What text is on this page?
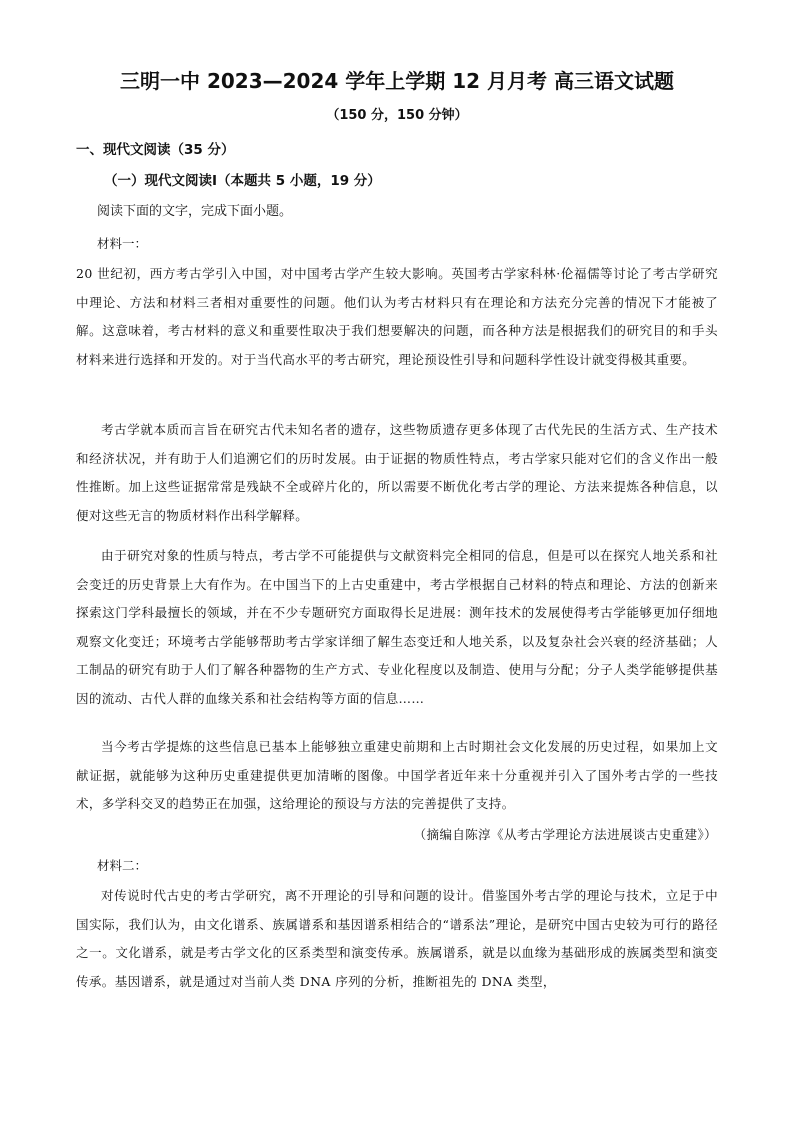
三明一中 2023—2024 学年上学期 12 月月考 高三语文试题
（150 分，150 分钟）
一、现代文阅读（35 分）
（一）现代文阅读Ⅰ（本题共 5 小题，19 分）
阅读下面的文字，完成下面小题。
材料一：
20 世纪初，西方考古学引入中国，对中国考古学产生较大影响。英国考古学家科林·伦福儒等讨论了考古学研究中理论、方法和材料三者相对重要性的问题。他们认为考古材料只有在理论和方法充分完善的情况下才能被了解。这意味着，考古材料的意义和重要性取决于我们想要解决的问题，而各种方法是根据我们的研究目的和手头材料来进行选择和开发的。对于当代高水平的考古研究，理论预设性引导和问题科学性设计就变得极其重要。
考古学就本质而言旨在研究古代未知名者的遗存，这些物质遗存更多体现了古代先民的生活方式、生产技术和经济状况，并有助于人们追溯它们的历时发展。由于证据的物质性特点，考古学家只能对它们的含义作出一般性推断。加上这些证据常常是残缺不全或碎片化的，所以需要不断优化考古学的理论、方法来提炼各种信息，以便对这些无言的物质材料作出科学解释。
由于研究对象的性质与特点，考古学不可能提供与文献资料完全相同的信息，但是可以在探究人地关系和社会变迁的历史背景上大有作为。在中国当下的上古史重建中，考古学根据自己材料的特点和理论、方法的创新来探索这门学科最擅长的领域，并在不少专题研究方面取得长足进展：测年技术的发展使得考古学能够更加仔细地观察文化变迁；环境考古学能够帮助考古学家详细了解生态变迁和人地关系，以及复杂社会兴衰的经济基础；人工制品的研究有助于人们了解各种器物的生产方式、专业化程度以及制造、使用与分配；分子人类学能够提供基因的流动、古代人群的血缘关系和社会结构等方面的信息……
当今考古学提炼的这些信息已基本上能够独立重建史前期和上古时期社会文化发展的历史过程，如果加上文献证据，就能够为这种历史重建提供更加清晰的图像。中国学者近年来十分重视并引入了国外考古学的一些技术，多学科交叉的趋势正在加强，这给理论的预设与方法的完善提供了支持。
（摘编自陈淳《从考古学理论方法进展谈古史重建》）
材料二：
对传说时代古史的考古学研究，离不开理论的引导和问题的设计。借鉴国外考古学的理论与技术，立足于中国实际，我们认为，由文化谱系、族属谱系和基因谱系相结合的“谱系法”理论，是研究中国古史较为可行的路径之一。文化谱系，就是考古学文化的区系类型和演变传承。族属谱系，就是以血缘为基础形成的族属类型和演变传承。基因谱系，就是通过对当前人类 DNA 序列的分析，推断祖先的 DNA 类型，
